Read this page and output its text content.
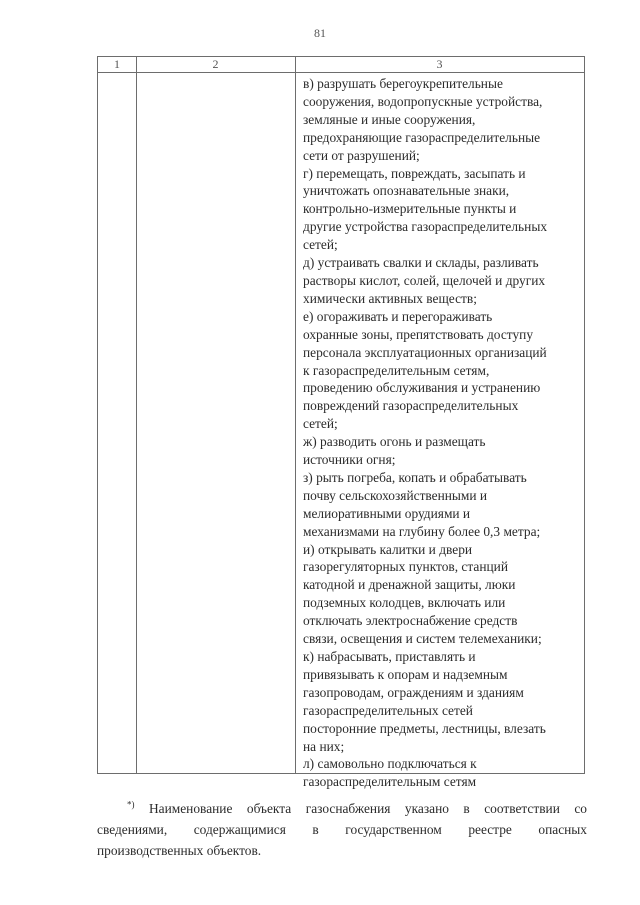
81
1	2	3
в) разрушать берегоукрепительные
сооружения, водопропускные устройства,
земляные и иные сооружения,
предохраняющие газораспределительные
сети от разрушений;
г) перемещать, повреждать, засыпать и
уничтожать опознавательные знаки,
контрольно-измерительные пункты и
другие устройства газораспределительных
сетей;
д) устраивать свалки и склады, разливать
растворы кислот, солей, щелочей и других
химически активных веществ;
е) огораживать и перегораживать
охранные зоны, препятствовать доступу
персонала эксплуатационных организаций
к газораспределительным сетям,
проведению обслуживания и устранению
повреждений газораспределительных
сетей;
ж) разводить огонь и размещать
источники огня;
з) рыть погреба, копать и обрабатывать
почву сельскохозяйственными и
мелиоративными орудиями и
механизмами на глубину более 0,3 метра;
и) открывать калитки и двери
газорегуляторных пунктов, станций
катодной и дренажной защиты, люки
подземных колодцев, включать или
отключать электроснабжение средств
связи, освещения и систем телемеханики;
к) набрасывать, приставлять и
привязывать к опорам и надземным
газопроводам, ограждениям и зданиям
газораспределительных сетей
посторонние предметы, лестницы, влезать
на них;
л) самовольно подключаться к
газораспределительным сетям
*) Наименование объекта газоснабжения указано в соответствии со
сведениями, содержащимися в государственном реестре опасных
производственных объектов.
